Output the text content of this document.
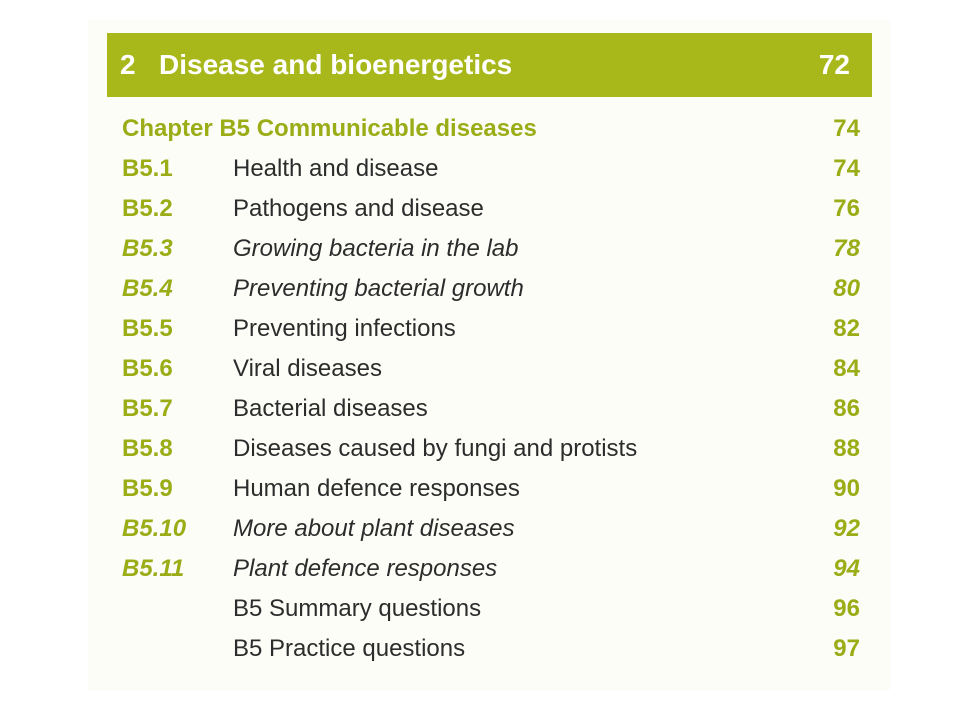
2 Disease and bioenergetics	72
Chapter B5 Communicable diseases	74
B5.1	Health and disease	74
B5.2	Pathogens and disease	76
B5.3	Growing bacteria in the lab	78
B5.4	Preventing bacterial growth	80
B5.5	Preventing infections	82
B5.6	Viral diseases	84
B5.7	Bacterial diseases	86
B5.8	Diseases caused by fungi and protists	88
B5.9	Human defence responses	90
B5.10 More about plant diseases	92
B5.11 Plant defence responses	94
B5 Summary questions	96
B5 Practice questions	97
